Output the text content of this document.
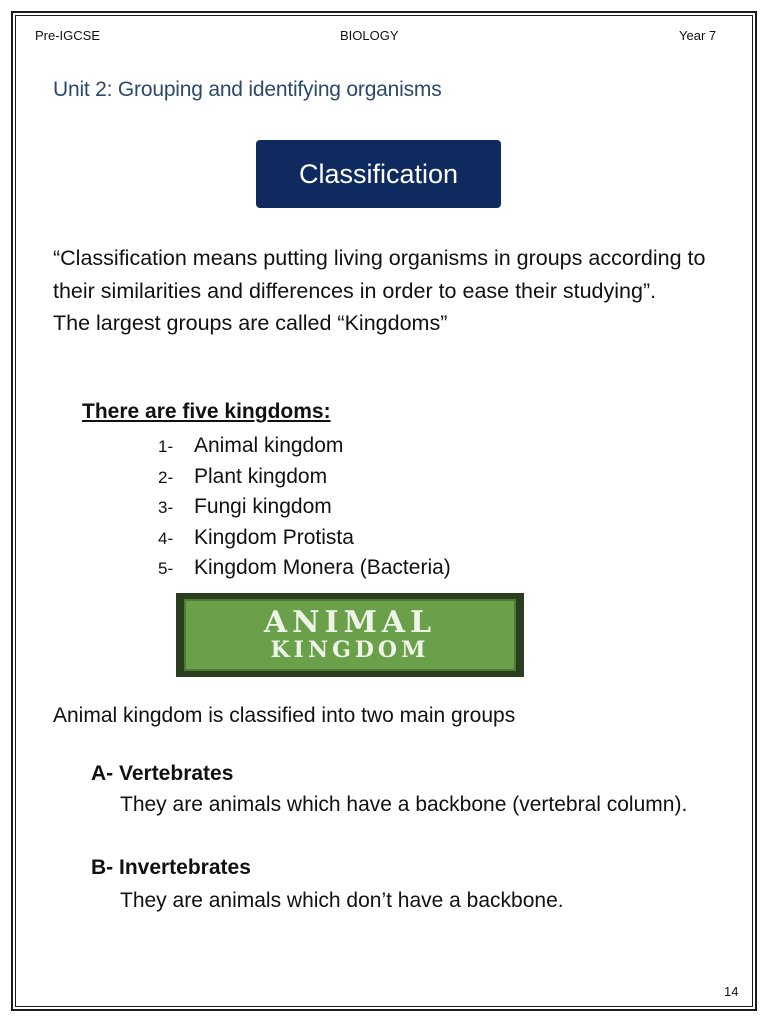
Pre-IGCSE	BIOLOGY	Year 7
Unit 2: Grouping and identifying organisms
Classification

“Classification means putting living organisms in groups according to their similarities and differences in order to ease their studying”.

The largest groups are called “Kingdoms”

There are five kingdoms:
1- Animal kingdom
2- Plant kingdom
3- Fungi kingdom
4- Kingdom Protista
5- Kingdom Monera (Bacteria)
ANIMAL
KINGDOM
Animal kingdom is classified into two main groups
A- Vertebrates
They are animals which have a backbone (vertebral column).
B- Invertebrates
They are animals which don’t have a backbone.
14
